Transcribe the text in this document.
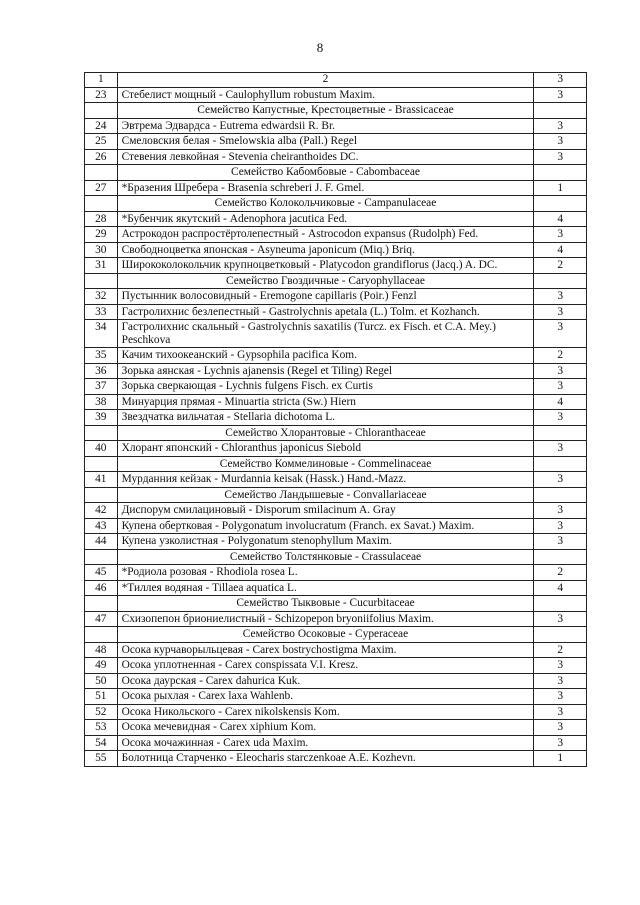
8
1	2	3
23	Стебелист мощный - Caulophyllum robustum Maxim.	3
	Семейство Капустные, Крестоцветные - Brassicaceae	
24	Эвтрема Эдвардса - Eutrema edwardsii R. Br.	3
25	Смеловския белая - Smelowskia alba (Pall.) Regel	3
26	Стевения левкойная - Stevenia cheiranthoides DC.	3
	Семейство Кабомбовые - Cabombaceae	
27	*Бразения Шребера - Brasenia schreberi J. F. Gmel.	1
	Семейство Колокольчиковые - Campanulaceae	
28	*Бубенчик якутский - Adenophora jacutica Fed.	4
29	Астрокодон распростёртолепестный - Astrocodon expansus (Rudolph) Fed.	3
30	Свободноцветка японская - Asyneuma japonicum (Miq.) Briq.	4
31	Ширококолокольчик крупноцветковый - Platycodon grandiflorus (Jacq.) A. DC.	2
	Семейство Гвоздичные - Caryophyllaceae	
32	Пустынник волосовидный - Eremogone capillaris (Poir.) Fenzl	3
33	Гастролихнис безлепестный - Gastrolychnis apetala (L.) Tolm. et Kozhanch.	3
34	Гастролихнис скальный - Gastrolychnis saxatilis (Turcz. ex Fisch. et C.A. Mey.) Peschkova	3
35	Качим тихоокеанский - Gypsophila pacifica Kom.	2
36	Зорька аянская - Lychnis ajanensis (Regel et Tiling) Regel	3
37	Зорька сверкающая - Lychnis fulgens Fisch. ex Curtis	3
38	Минуарция прямая - Minuartia stricta (Sw.) Hiern	4
39	Звездчатка вильчатая - Stellaria dichotoma L.	3
	Семейство Хлорантовые - Chloranthaceae	
40	Хлорант японский - Chloranthus japonicus Siebold	3
	Семейство Коммелиновые - Commelinaceae	
41	Мурданния кейзак - Murdannia keisak (Hassk.) Hand.-Mazz.	3
	Семейство Ландышевые - Convallariaceae	
42	Диспорум смилациновый - Disporum smilacinum A. Gray	3
43	Купена обертковая - Polygonatum involucratum (Franch. ex Savat.) Maxim.	3
44	Купена узколистная - Polygonatum stenophyllum Maxim.	3
	Семейство Толстянковые - Crassulaceae	
45	*Родиола розовая - Rhodiola rosea L.	2
46	*Тиллея водяная - Tillaea aquatica L.	4
	Семейство Тыквовые - Cucurbitaceae	
47	Схизопепон бриониелистный - Schizopepon bryoniifolius Maxim.	3
	Семейство Осоковые - Cyperaceae	
48	Осока курчаворыльцевая - Carex bostrychostigma Maxim.	2
49	Осока уплотненная - Carex conspissata V.I. Kresz.	3
50	Осока даурская - Carex dahurica Kuk.	3
51	Осока рыхлая - Carex laxa Wahlenb.	3
52	Осока Никольского - Carex nikolskensis Kom.	3
53	Осока мечевидная - Carex xiphium Kom.	3
54	Осока мочажинная - Carex uda Maxim.	3
55	Болотница Старченко - Eleocharis starczenkoae A.E. Kozhevn.	1
